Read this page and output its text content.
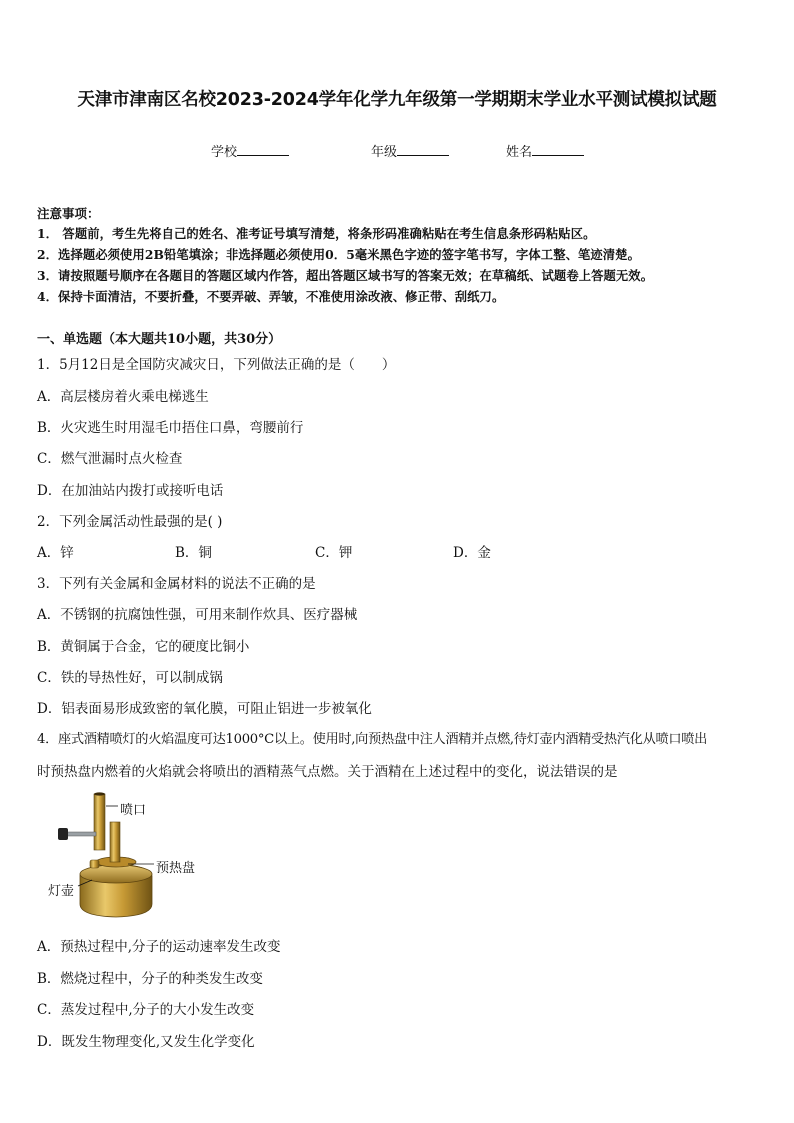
天津市津南区名校2023-2024学年化学九年级第一学期期末学业水平测试模拟试题
学校	年级	姓名
注意事项：
1． 答题前，考生先将自己的姓名、准考证号填写清楚，将条形码准确粘贴在考生信息条形码粘贴区。
2．选择题必须使用2B铅笔填涂；非选择题必须使用0．5毫米黑色字迹的签字笔书写，字体工整、笔迹清楚。
3．请按照题号顺序在各题目的答题区域内作答，超出答题区域书写的答案无效；在草稿纸、试题卷上答题无效。
4．保持卡面清洁，不要折叠，不要弄破、弄皱，不准使用涂改液、修正带、刮纸刀。
一、单选题（本大题共10小题，共30分）
1．5月12日是全国防灾减灾日，下列做法正确的是（　　）
A．高层楼房着火乘电梯逃生
B．火灾逃生时用湿毛巾捂住口鼻，弯腰前行
C．燃气泄漏时点火检查
D．在加油站内拨打或接听电话
2．下列金属活动性最强的是( )
A．锌	B．铜	C．钾	D．金
3．下列有关金属和金属材料的说法不正确的是
A．不锈钢的抗腐蚀性强，可用来制作炊具、医疗器械
B．黄铜属于合金，它的硬度比铜小
C．铁的导热性好，可以制成锅
D．铝表面易形成致密的氧化膜，可阻止铝进一步被氧化
4．座式酒精喷灯的火焰温度可达1000°C以上。使用时,向预热盘中注人酒精并点燃,待灯壶内酒精受热汽化从喷口喷出
时预热盘内燃着的火焰就会将喷出的酒精蒸气点燃。关于酒精在上述过程中的变化，说法错误的是
喷口
预热盘
灯壶
A．预热过程中,分子的运动速率发生改变
B．燃烧过程中，分子的种类发生改变
C．蒸发过程中,分子的大小发生改变
D．既发生物理变化,又发生化学变化
